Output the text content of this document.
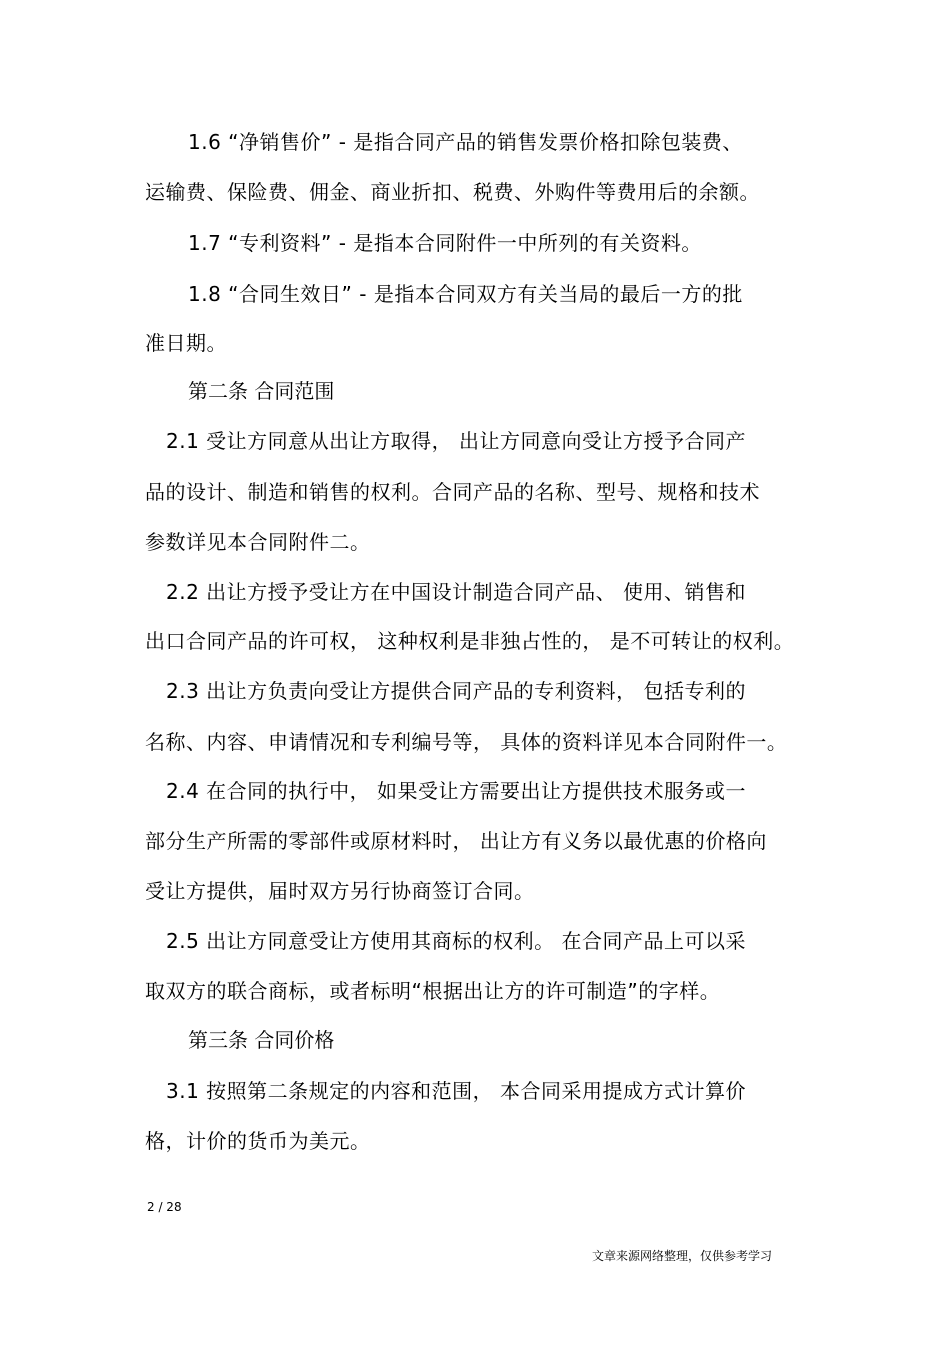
1.6 “净销售价” - 是指合同产品的销售发票价格扣除包装费、
运输费、保险费、佣金、商业折扣、税费、外购件等费用后的余额。
1.7 “专利资料” - 是指本合同附件一中所列的有关资料。
1.8 “合同生效日” - 是指本合同双方有关当局的最后一方的批
准日期。
第二条 合同范围
2.1 受让方同意从出让方取得， 出让方同意向受让方授予合同产
品的设计、制造和销售的权利。合同产品的名称、型号、规格和技术
参数详见本合同附件二。
2.2 出让方授予受让方在中国设计制造合同产品、 使用、销售和
出口合同产品的许可权， 这种权利是非独占性的， 是不可转让的权利。
2.3 出让方负责向受让方提供合同产品的专利资料， 包括专利的
名称、内容、申请情况和专利编号等， 具体的资料详见本合同附件一。
2.4 在合同的执行中， 如果受让方需要出让方提供技术服务或一
部分生产所需的零部件或原材料时， 出让方有义务以最优惠的价格向
受让方提供，届时双方另行协商签订合同。
2.5 出让方同意受让方使用其商标的权利。 在合同产品上可以采
取双方的联合商标，或者标明“根据出让方的许可制造”的字样。
第三条 合同价格
3.1 按照第二条规定的内容和范围， 本合同采用提成方式计算价
格，计价的货币为美元。
2 / 28
文章来源网络整理，仅供参考学习
